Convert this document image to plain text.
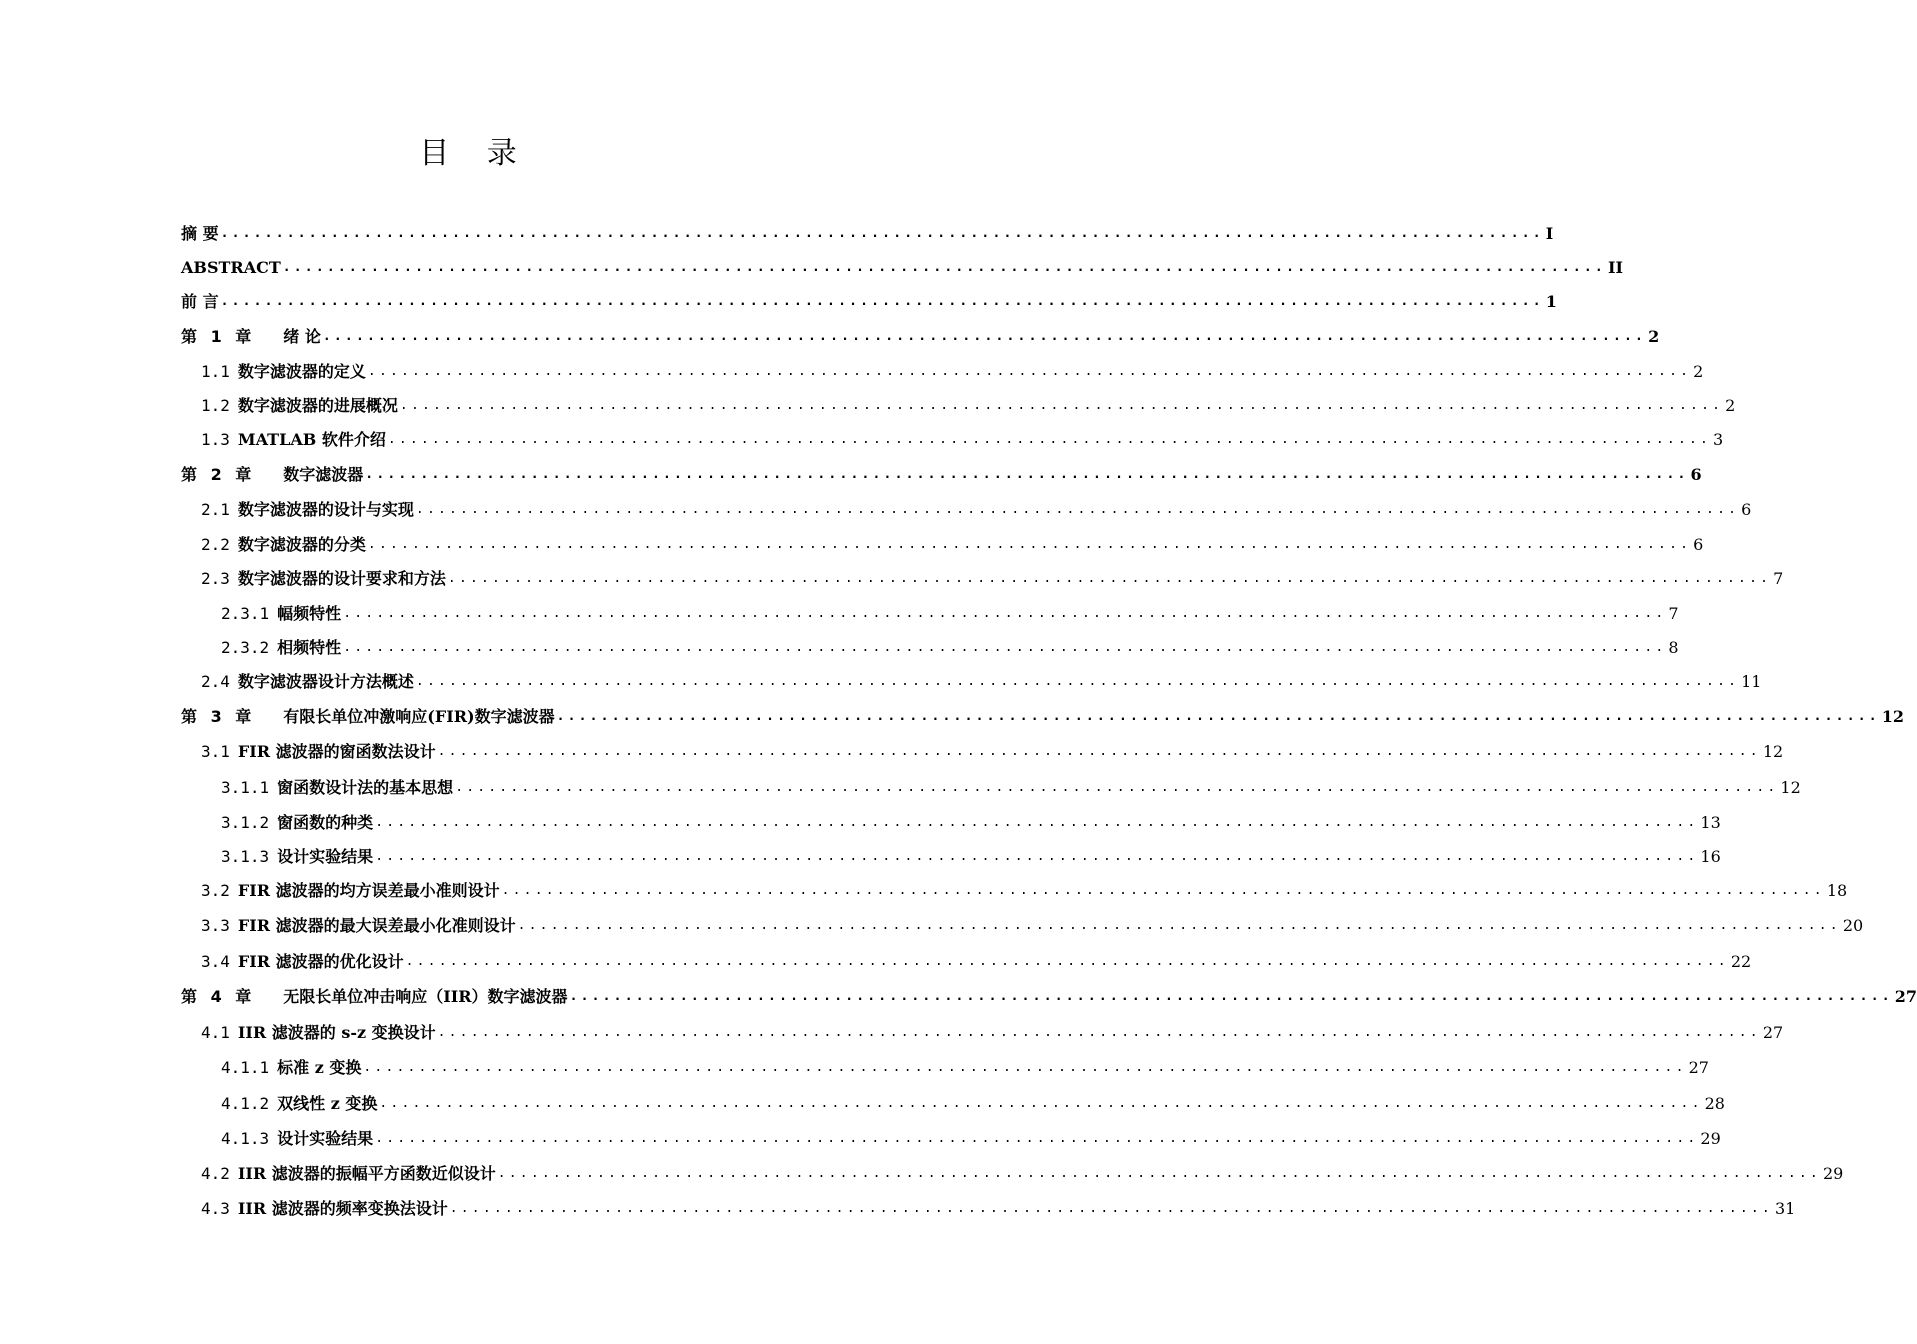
目 录
摘 要 ........................................................................................................................ I
ABSTRACT ........................................................................................................................ II
前 言 ........................................................................................................................ 1
第 1 章 绪 论 ........................................................................................................................ 2
1.1 数字滤波器的定义 ........................................................................................................................ 2
1.2 数字滤波器的进展概况 ........................................................................................................................ 2
1.3 MATLAB 软件介绍 ........................................................................................................................ 3
第 2 章 数字滤波器 ........................................................................................................................ 6
2.1 数字滤波器的设计与实现 ........................................................................................................................ 6
2.2 数字滤波器的分类 ........................................................................................................................ 6
2.3 数字滤波器的设计要求和方法 ........................................................................................................................ 7
2.3.1 幅频特性 ........................................................................................................................ 7
2.3.2 相频特性 ........................................................................................................................ 8
2.4 数字滤波器设计方法概述 ........................................................................................................................ 11
第 3 章 有限长单位冲激响应(FIR)数字滤波器 ........................................................................................................................ 12
3.1 FIR 滤波器的窗函数法设计 ........................................................................................................................ 12
3.1.1 窗函数设计法的基本思想 ........................................................................................................................ 12
3.1.2 窗函数的种类 ........................................................................................................................ 13
3.1.3 设计实验结果 ........................................................................................................................ 16
3.2 FIR 滤波器的均方误差最小准则设计 ........................................................................................................................ 18
3.3 FIR 滤波器的最大误差最小化准则设计 ........................................................................................................................ 20
3.4 FIR 滤波器的优化设计 ........................................................................................................................ 22
第 4 章 无限长单位冲击响应（IIR）数字滤波器 ........................................................................................................................ 27
4.1 IIR 滤波器的 s-z 变换设计 ........................................................................................................................ 27
4.1.1 标准 z 变换 ........................................................................................................................ 27
4.1.2 双线性 z 变换 ........................................................................................................................ 28
4.1.3 设计实验结果 ........................................................................................................................ 29
4.2 IIR 滤波器的振幅平方函数近似设计 ........................................................................................................................ 29
4.3 IIR 滤波器的频率变换法设计 ........................................................................................................................ 31
